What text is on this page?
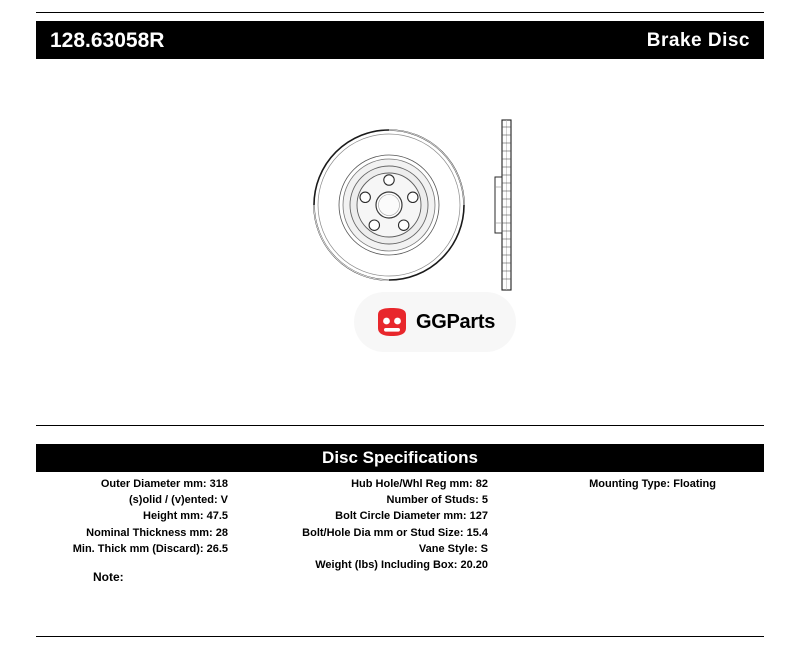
128.63058R	Brake Disc
GGParts
Disc Specifications
Outer Diameter mm: 318
(s)olid / (v)ented: V
Height mm: 47.5
Nominal Thickness mm: 28
Min. Thick mm (Discard): 26.5
Hub Hole/Whl Reg mm: 82
Number of Studs: 5
Bolt Circle Diameter mm: 127
Bolt/Hole Dia mm or Stud Size: 15.4
Vane Style: S
Weight (lbs) Including Box: 20.20
Mounting Type: Floating
Note:
